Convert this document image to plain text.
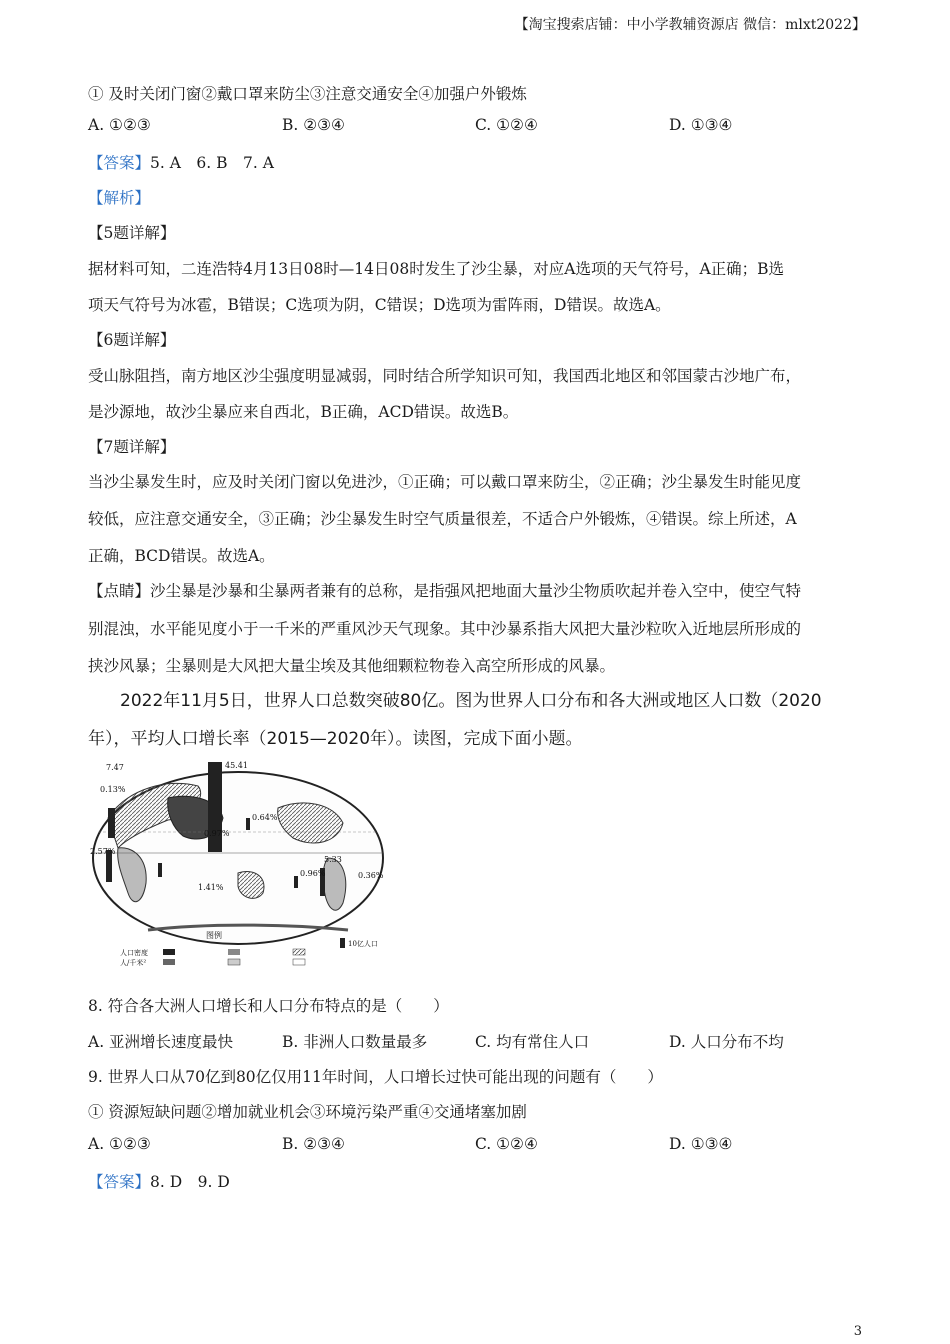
【淘宝搜索店铺：中小学教辅资源店 微信：mlxt2022】
① 及时关闭门窗②戴口罩来防尘③注意交通安全④加强户外锻炼
A. ①②③	B. ②③④	C. ①②④	D. ①③④
【答案】5. A　6. B　7. A
【解析】
【5题详解】
据材料可知，二连浩特4月13日08时—14日08时发生了沙尘暴，对应A选项的天气符号，A正确；B选
项天气符号为冰雹，B错误；C选项为阴，C错误；D选项为雷阵雨，D错误。故选A。
【6题详解】
受山脉阻挡，南方地区沙尘强度明显减弱，同时结合所学知识可知，我国西北地区和邻国蒙古沙地广布，
是沙源地，故沙尘暴应来自西北，B正确，ACD错误。故选B。
【7题详解】
当沙尘暴发生时，应及时关闭门窗以免进沙，①正确；可以戴口罩来防尘，②正确；沙尘暴发生时能见度
较低，应注意交通安全，③正确；沙尘暴发生时空气质量很差，不适合户外锻炼，④错误。综上所述，A
正确，BCD错误。故选A。
【点睛】沙尘暴是沙暴和尘暴两者兼有的总称，是指强风把地面大量沙尘物质吹起并卷入空中，使空气特
别混浊，水平能见度小于一千米的严重风沙天气现象。其中沙暴系指大风把大量沙粒吹入近地层所形成的
挟沙风暴；尘暴则是大风把大量尘埃及其他细颗粒物卷入高空所形成的风暴。
2022年11月5日，世界人口总数突破80亿。图为世界人口分布和各大洲或地区人口数（2020
年），平均人口增长率（2015—2020年）。读图，完成下面小题。
7.47
0.13%
45.41
0.97%
0.64%
2.57%
1.41%
0.96%
5.33
0.36%
图例
人口密度
人/千米²
10亿人口
8. 符合各大洲人口增长和人口分布特点的是（　　）
A. 亚洲增长速度最快	B. 非洲人口数量最多	C. 均有常住人口	D. 人口分布不均
9. 世界人口从70亿到80亿仅用11年时间，人口增长过快可能出现的问题有（　　）
① 资源短缺问题②增加就业机会③环境污染严重④交通堵塞加剧
A. ①②③	B. ②③④	C. ①②④	D. ①③④
【答案】8. D　9. D
3
